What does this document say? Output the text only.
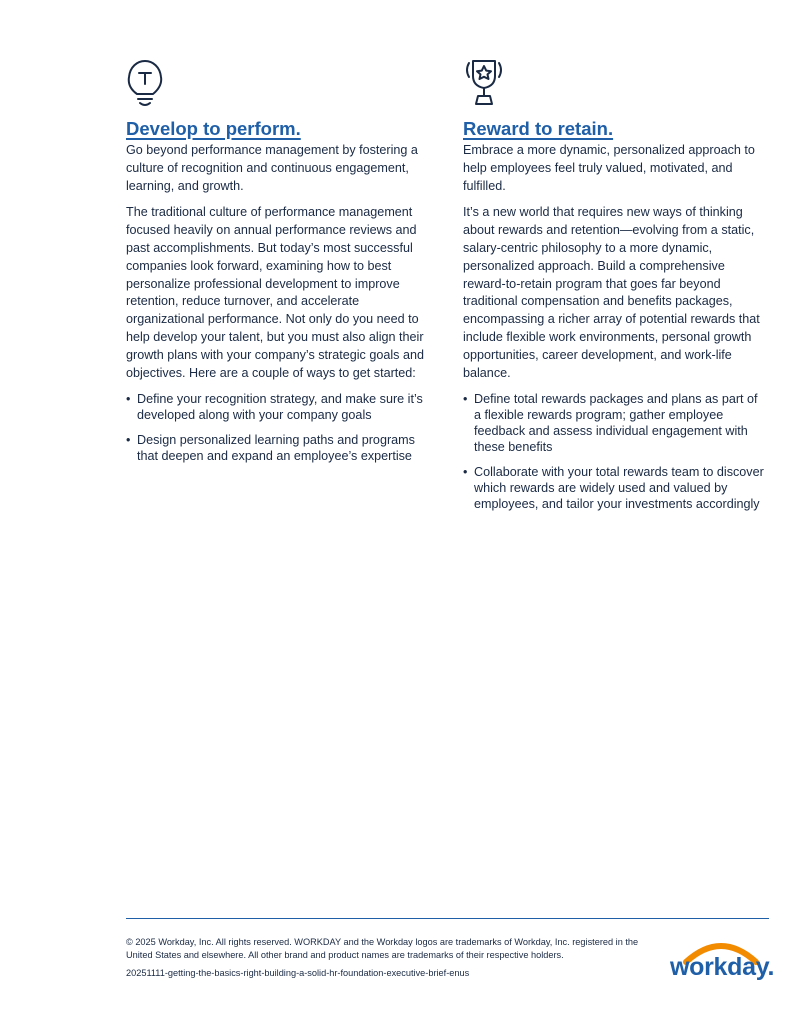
Develop to perform.

Go beyond performance management by fostering a culture of recognition and continuous engagement, learning, and growth.

The traditional culture of performance management focused heavily on annual performance reviews and past accomplishments. But today’s most successful companies look forward, examining how to best personalize professional development to improve retention, reduce turnover, and accelerate organizational performance. Not only do you need to help develop your talent, but you must also align their growth plans with your company’s strategic goals and objectives. Here are a couple of ways to get started:

• Define your recognition strategy, and make sure it’s developed along with your company goals
• Design personalized learning paths and programs that deepen and expand an employee’s expertise
Reward to retain.

Embrace a more dynamic, personalized approach to help employees feel truly valued, motivated, and fulfilled.

It’s a new world that requires new ways of thinking about rewards and retention—evolving from a static, salary-centric philosophy to a more dynamic, personalized approach. Build a comprehensive reward-to-retain program that goes far beyond traditional compensation and benefits packages, encompassing a richer array of potential rewards that include flexible work environments, personal growth opportunities, career development, and work-life balance.

• Define total rewards packages and plans as part of a flexible rewards program; gather employee feedback and assess individual engagement with these benefits
• Collaborate with your total rewards team to discover which rewards are widely used and valued by employees, and tailor your investments accordingly
© 2025 Workday, Inc. All rights reserved. WORKDAY and the Workday logos are trademarks of Workday, Inc. registered in the United States and elsewhere. All other brand and product names are trademarks of their respective holders.
20251111-getting-the-basics-right-building-a-solid-hr-foundation-executive-brief-enus	workday.
